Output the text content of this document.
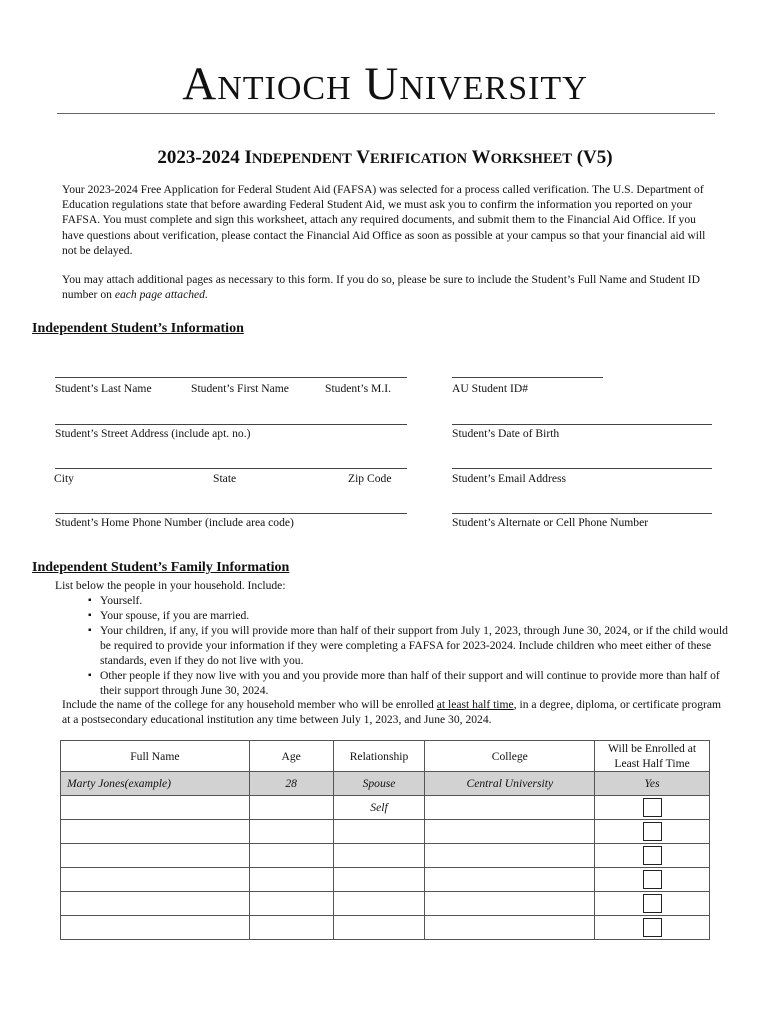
ANTIOCH UNIVERSITY
2023-2024 INDEPENDENT VERIFICATION WORKSHEET (V5)
Your 2023-2024 Free Application for Federal Student Aid (FAFSA) was selected for a process called verification. The U.S. Department of Education regulations state that before awarding Federal Student Aid, we must ask you to confirm the information you reported on your FAFSA. You must complete and sign this worksheet, attach any required documents, and submit them to the Financial Aid Office. If you have questions about verification, please contact the Financial Aid Office as soon as possible at your campus so that your financial aid will not be delayed.
You may attach additional pages as necessary to this form. If you do so, please be sure to include the Student’s Full Name and Student ID number on each page attached.
Independent Student’s Information
Student’s Last Name	Student’s First Name	Student’s M.I.	AU Student ID#
Student’s Street Address (include apt. no.)	Student’s Date of Birth
City	State	Zip Code	Student’s Email Address
Student’s Home Phone Number (include area code)	Student’s Alternate or Cell Phone Number
Independent Student’s Family Information
List below the people in your household. Include:
▪ Yourself.
▪ Your spouse, if you are married.
▪ Your children, if any, if you will provide more than half of their support from July 1, 2023, through June 30, 2024, or if the child would be required to provide your information if they were completing a FAFSA for 2023-2024. Include children who meet either of these standards, even if they do not live with you.
▪ Other people if they now live with you and you provide more than half of their support and will continue to provide more than half of their support through June 30, 2024.
Include the name of the college for any household member who will be enrolled at least half time, in a degree, diploma, or certificate program at a postsecondary educational institution any time between July 1, 2023, and June 30, 2024.
Full Name	Age	Relationship	College	Will be Enrolled at
Least Half Time
Marty Jones(example)	28	Spouse	Central University	Yes
		Self		
